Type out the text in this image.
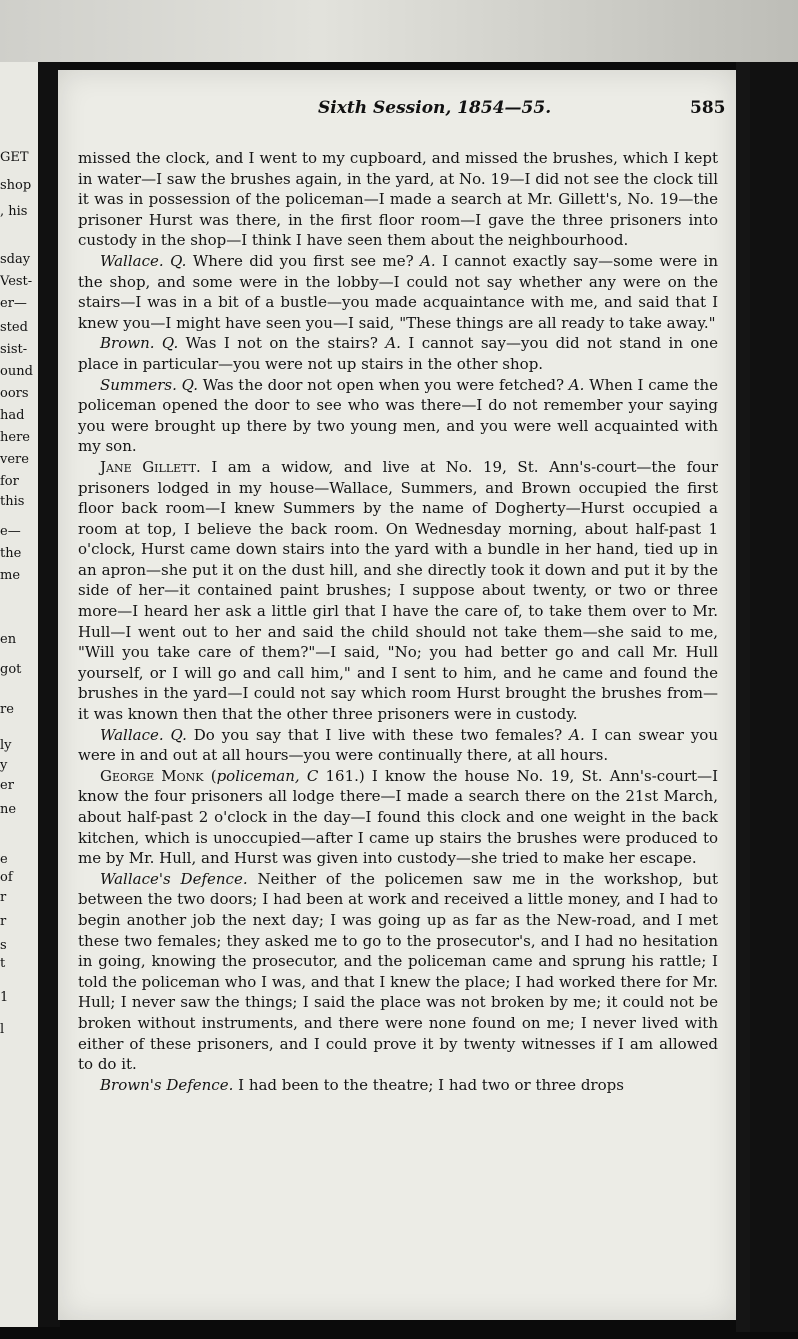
GET
shop
, his
sday
Vest-
er—
sted
sist-
ound
oors
had
here
vere
for
this
e—
the
me
en
got
re
ly
y
er
ne
e
of
r
r
s
t
1
l
Sixth Session, 1854—55.	585

missed the clock, and I went to my cupboard, and missed the brushes, which I kept in water—I saw the brushes again, in the yard, at No. 19—I did not see the clock till it was in possession of the policeman—I made a search at Mr. Gillett's, No. 19—the prisoner Hurst was there, in the first floor room—I gave the three prisoners into custody in the shop—I think I have seen them about the neighbourhood.

Wallace. Q. Where did you first see me? A. I cannot exactly say—some were in the shop, and some were in the lobby—I could not say whether any were on the stairs—I was in a bit of a bustle—you made acquaintance with me, and said that I knew you—I might have seen you—I said, "These things are all ready to take away."

Brown. Q. Was I not on the stairs? A. I cannot say—you did not stand in one place in particular—you were not up stairs in the other shop.

Summers. Q. Was the door not open when you were fetched? A. When I came the policeman opened the door to see who was there—I do not remember your saying you were brought up there by two young men, and you were well acquainted with my son.

Jane Gillett. I am a widow, and live at No. 19, St. Ann's-court—the four prisoners lodged in my house—Wallace, Summers, and Brown occupied the first floor back room—I knew Summers by the name of Dogherty—Hurst occupied a room at top, I believe the back room. On Wednesday morning, about half-past 1 o'clock, Hurst came down stairs into the yard with a bundle in her hand, tied up in an apron—she put it on the dust hill, and she directly took it down and put it by the side of her—it contained paint brushes; I suppose about twenty, or two or three more—I heard her ask a little girl that I have the care of, to take them over to Mr. Hull—I went out to her and said the child should not take them—she said to me, "Will you take care of them?"—I said, "No; you had better go and call Mr. Hull yourself, or I will go and call him," and I sent to him, and he came and found the brushes in the yard—I could not say which room Hurst brought the brushes from—it was known then that the other three prisoners were in custody.

Wallace. Q. Do you say that I live with these two females? A. I can swear you were in and out at all hours—you were continually there, at all hours.

George Monk (policeman, C 161.) I know the house No. 19, St. Ann's-court—I know the four prisoners all lodge there—I made a search there on the 21st March, about half-past 2 o'clock in the day—I found this clock and one weight in the back kitchen, which is unoccupied—after I came up stairs the brushes were produced to me by Mr. Hull, and Hurst was given into custody—she tried to make her escape.

Wallace's Defence. Neither of the policemen saw me in the workshop, but between the two doors; I had been at work and received a little money, and I had to begin another job the next day; I was going up as far as the New-road, and I met these two females; they asked me to go to the prosecutor's, and I had no hesitation in going, knowing the prosecutor, and the policeman came and sprung his rattle; I told the policeman who I was, and that I knew the place; I had worked there for Mr. Hull; I never saw the things; I said the place was not broken by me; it could not be broken without instruments, and there were none found on me; I never lived with either of these prisoners, and I could prove it by twenty witnesses if I am allowed to do it.

Brown's Defence. I had been to the theatre; I had two or three drops
